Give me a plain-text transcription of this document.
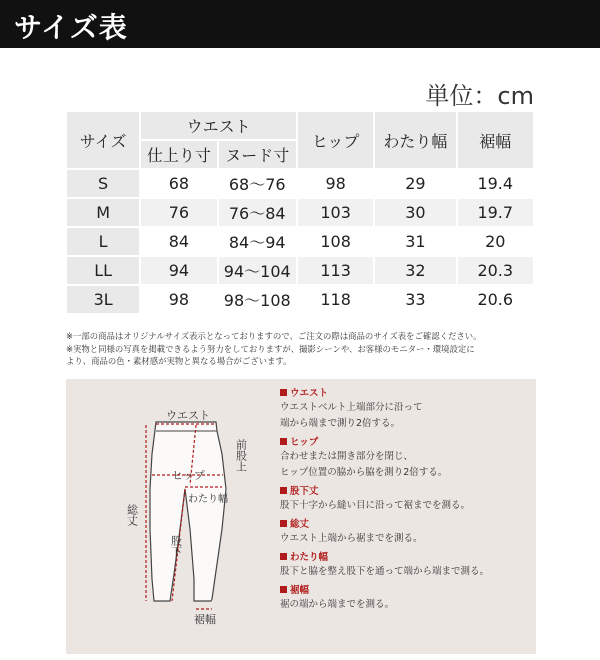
サイズ表
単位：cm
サイズ	ウエスト		ヒップ	わたり幅	裾幅
	仕上り寸	ヌード寸			
S	68	68〜76	98	29	19.4
M	76	76〜84	103	30	19.7
L	84	84〜94	108	31	20
LL	94	94〜104	113	32	20.3
3L	98	98〜108	118	33	20.6
※一部の商品はオリジナルサイズ表示となっておりますので、ご注文の際は商品のサイズ表をご確認ください。
※実物と同様の写真を掲載できるよう努力をしておりますが、撮影シーンや、お客様のモニター・環境設定に
より、商品の色・素材感が実物と異なる場合がございます。
ウエスト
ヒップ
わたり幅
前股上
総丈
股下
裾幅
ウエスト
ウエストベルト上端部分に沿って
端から端まで測り2倍する。
ヒップ
合わせまたは開き部分を閉じ、
ヒップ位置の脇から脇を測り2倍する。
股下丈
股下十字から縫い目に沿って裾までを測る。
総丈
ウエスト上端から裾までを測る。
わたり幅
股下と脇を整え股下を通って端から端まで測る。
裾幅
裾の端から端までを測る。
